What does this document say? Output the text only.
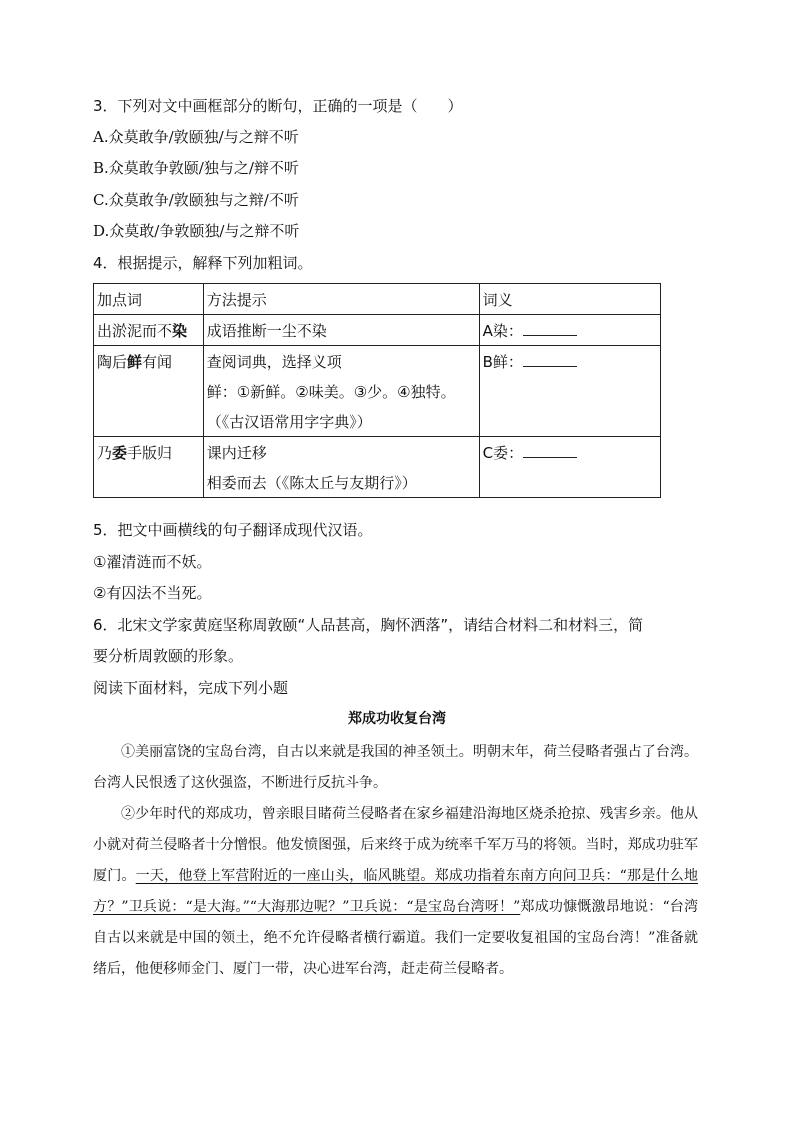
3．下列对文中画框部分的断句，正确的一项是（　　）
A.众莫敢争/敦颐独/与之辩不听
B.众莫敢争敦颐/独与之/辩不听
C.众莫敢争/敦颐独与之辩/不听
D.众莫敢/争敦颐独/与之辩不听
4．根据提示，解释下列加粗词。
加点词	方法提示	词义
出淤泥而不染	成语推断一尘不染	A染：
陶后鲜有闻	查阅词典，选择义项
鲜：①新鲜。②味美。③少。④独特。
（《古汉语常用字字典》）	B鲜：
乃委手版归	课内迁移
相委而去（《陈太丘与友期行》）	C委：
5．把文中画横线的句子翻译成现代汉语。
①濯清涟而不妖。
②有囚法不当死。
6．北宋文学家黄庭坚称周敦颐“人品甚高，胸怀洒落”，请结合材料二和材料三，简
要分析周敦颐的形象。
阅读下面材料，完成下列小题
郑成功收复台湾

①美丽富饶的宝岛台湾，自古以来就是我国的神圣领土。明朝末年，荷兰侵略者强占了台湾。台湾人民恨透了这伙强盗，不断进行反抗斗争。

②少年时代的郑成功，曾亲眼目睹荷兰侵略者在家乡福建沿海地区烧杀抢掠、残害乡亲。他从小就对荷兰侵略者十分憎恨。他发愤图强，后来终于成为统率千军万马的将领。当时，郑成功驻军厦门。一天，他登上军营附近的一座山头，临风眺望。郑成功指着东南方向问卫兵：“那是什么地方？”卫兵说：“是大海。”“大海那边呢？”卫兵说：“是宝岛台湾呀！”郑成功慷慨激昂地说：“台湾自古以来就是中国的领土，绝不允许侵略者横行霸道。我们一定要收复祖国的宝岛台湾！”准备就绪后，他便移师金门、厦门一带，决心进军台湾，赶走荷兰侵略者。
